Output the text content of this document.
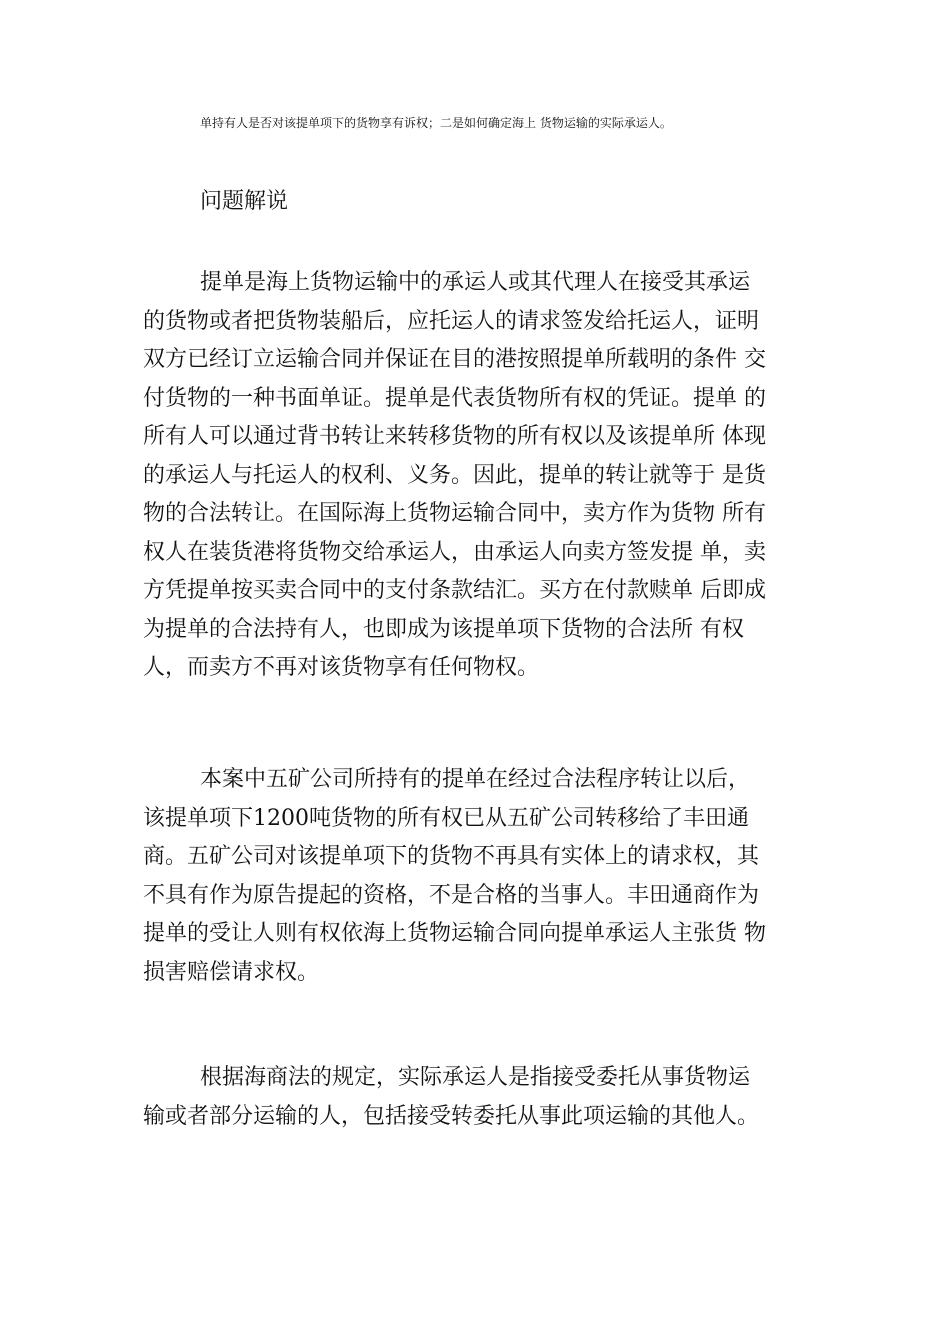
单持有人是否对该提单项下的货物享有诉权；二是如何确定海上 货物运输的实际承运人。
问题解说
提单是海上货物运输中的承运人或其代理人在接受其承运
的货物或者把货物装船后，应托运人的请求签发给托运人，证明
双方已经订立运输合同并保证在目的港按照提单所载明的条件 交
付货物的一种书面单证。提单是代表货物所有权的凭证。提单 的
所有人可以通过背书转让来转移货物的所有权以及该提单所 体现
的承运人与托运人的权利、义务。因此，提单的转让就等于 是货
物的合法转让。在国际海上货物运输合同中，卖方作为货物 所有
权人在装货港将货物交给承运人，由承运人向卖方签发提 单，卖
方凭提单按买卖合同中的支付条款结汇。买方在付款赎单 后即成
为提单的合法持有人，也即成为该提单项下货物的合法所 有权
人，而卖方不再对该货物享有任何物权。
本案中五矿公司所持有的提单在经过合法程序转让以后，
该提单项下1200吨货物的所有权已从五矿公司转移给了丰田通
商。五矿公司对该提单项下的货物不再具有实体上的请求权，其
不具有作为原告提起的资格，不是合格的当事人。丰田通商作为
提单的受让人则有权依海上货物运输合同向提单承运人主张货 物
损害赔偿请求权。
根据海商法的规定，实际承运人是指接受委托从事货物运
输或者部分运输的人，包括接受转委托从事此项运输的其他人。
